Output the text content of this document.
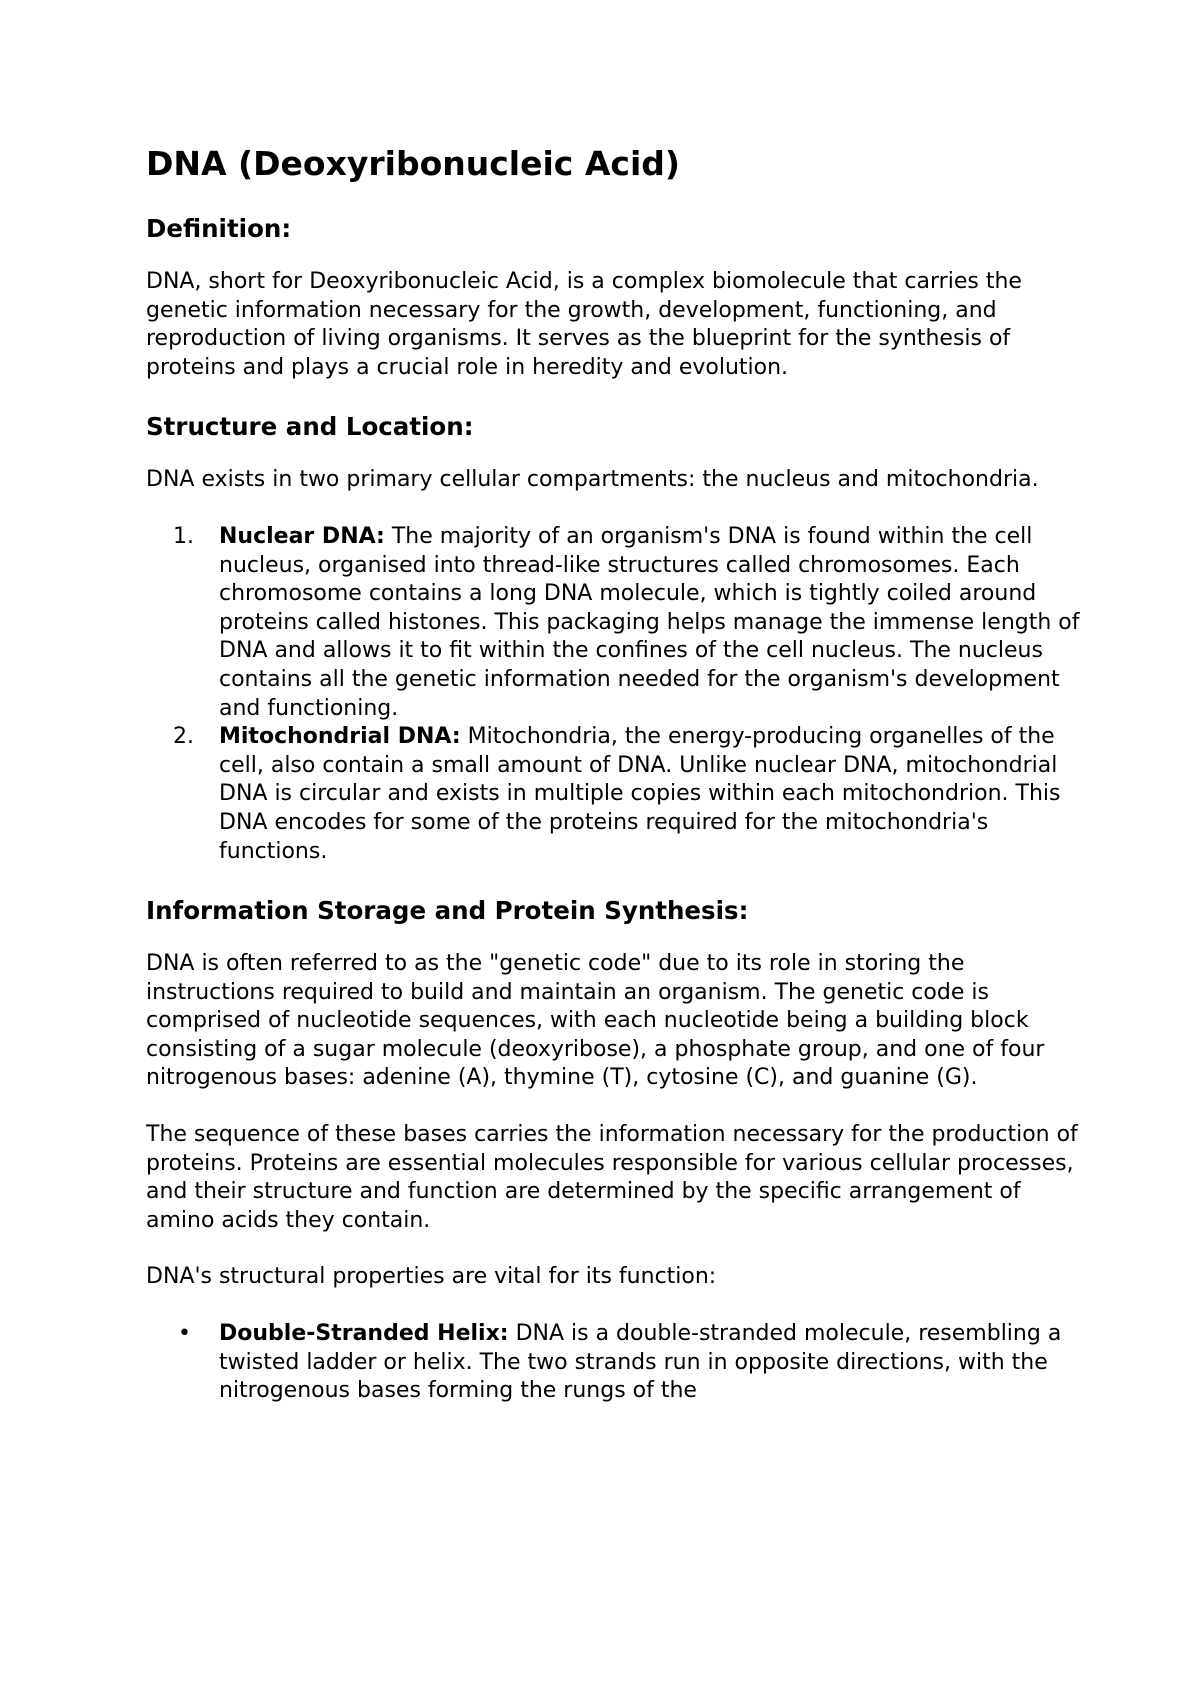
DNA (Deoxyribonucleic Acid)
Definition:

DNA, short for Deoxyribonucleic Acid, is a complex biomolecule that carries the genetic information necessary for the growth, development, functioning, and reproduction of living organisms. It serves as the blueprint for the synthesis of proteins and plays a crucial role in heredity and evolution.

Structure and Location:

DNA exists in two primary cellular compartments: the nucleus and mitochondria.

1.	Nuclear DNA: The majority of an organism's DNA is found within the cell nucleus, organised into thread-like structures called chromosomes. Each chromosome contains a long DNA molecule, which is tightly coiled around proteins called histones. This packaging helps manage the immense length of DNA and allows it to fit within the confines of the cell nucleus. The nucleus contains all the genetic information needed for the organism's development and functioning.
2.	Mitochondrial DNA: Mitochondria, the energy-producing organelles of the cell, also contain a small amount of DNA. Unlike nuclear DNA, mitochondrial DNA is circular and exists in multiple copies within each mitochondrion. This DNA encodes for some of the proteins required for the mitochondria's functions.
Information Storage and Protein Synthesis:

DNA is often referred to as the "genetic code" due to its role in storing the instructions required to build and maintain an organism. The genetic code is comprised of nucleotide sequences, with each nucleotide being a building block consisting of a sugar molecule (deoxyribose), a phosphate group, and one of four nitrogenous bases: adenine (A), thymine (T), cytosine (C), and guanine (G).

The sequence of these bases carries the information necessary for the production of proteins. Proteins are essential molecules responsible for various cellular processes, and their structure and function are determined by the specific arrangement of amino acids they contain.

DNA's structural properties are vital for its function:

• Double-Stranded Helix: DNA is a double-stranded molecule, resembling a twisted ladder or helix. The two strands run in opposite directions, with the nitrogenous bases forming the rungs of the
